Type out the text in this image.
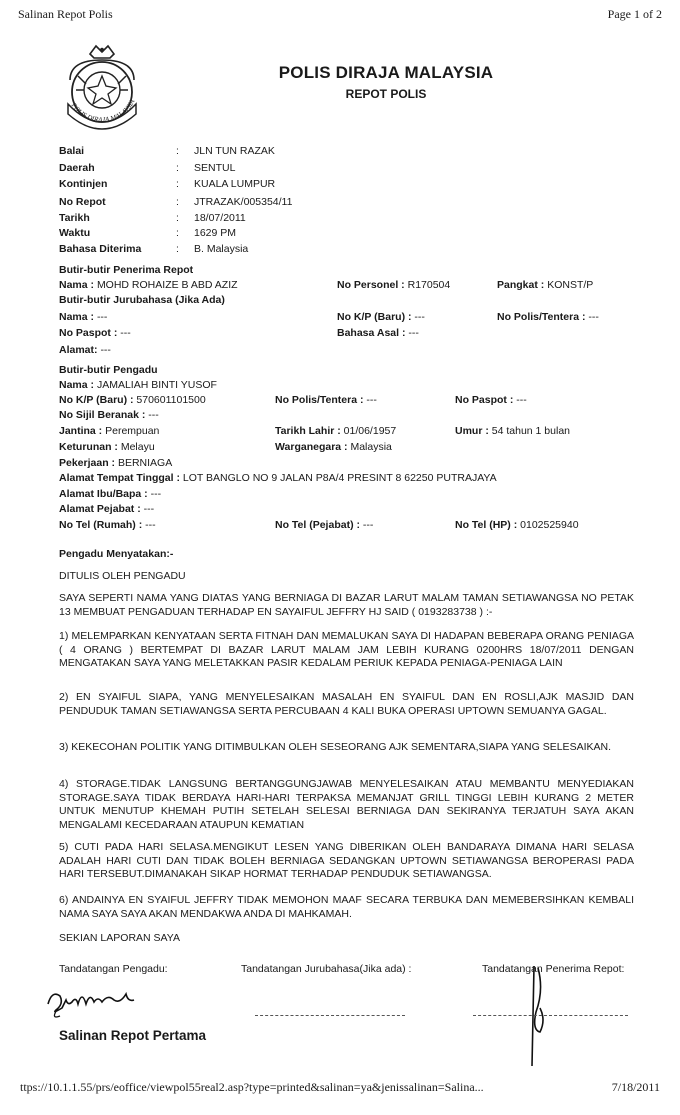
Salinan Repot Polis	Page 1 of 2
POLIS DIRAJA MALAYSIA
POLIS DIRAJA MALAYSIA
REPOT POLIS
Balai	: JLN TUN RAZAK
Daerah	: SENTUL
Kontinjen	: KUALA LUMPUR
No Repot	: JTRAZAK/005354/11
Tarikh	: 18/07/2011
Waktu	: 1629 PM
Bahasa Diterima	: B. Malaysia
Butir-butir Penerima Repot
Nama : MOHD ROHAIZE B ABD AZIZ	No Personel : R170504	Pangkat : KONST/P
Butir-butir Jurubahasa (Jika Ada)
Nama : ---	No K/P (Baru) : ---	No Polis/Tentera : ---
No Paspot : ---	Bahasa Asal : ---
Alamat: ---
Butir-butir Pengadu
Nama : JAMALIAH BINTI YUSOF
No K/P (Baru) : 570601101500	No Polis/Tentera : ---	No Paspot : ---
No Sijil Beranak : ---
Jantina : Perempuan	Tarikh Lahir : 01/06/1957	Umur : 54 tahun 1 bulan
Keturunan : Melayu	Warganegara : Malaysia
Pekerjaan : BERNIAGA
Alamat Tempat Tinggal : LOT BANGLO NO 9 JALAN P8A/4 PRESINT 8 62250 PUTRAJAYA
Alamat Ibu/Bapa : ---
Alamat Pejabat : ---
No Tel (Rumah) : ---	No Tel (Pejabat) : ---	No Tel (HP) : 0102525940
Pengadu Menyatakan:-
DITULIS OLEH PENGADU
SAYA SEPERTI NAMA YANG DIATAS YANG BERNIAGA DI BAZAR LARUT MALAM TAMAN SETIAWANGSA NO PETAK 13 MEMBUAT PENGADUAN TERHADAP EN SAYAIFUL JEFFRY HJ SAID ( 0193283738 ) :-
1) MELEMPARKAN KENYATAAN SERTA FITNAH DAN MEMALUKAN SAYA DI HADAPAN BEBERAPA ORANG PENIAGA ( 4 ORANG ) BERTEMPAT DI BAZAR LARUT MALAM JAM LEBIH KURANG 0200HRS 18/07/2011 DENGAN MENGATAKAN SAYA YANG MELETAKKAN PASIR KEDALAM PERIUK KEPADA PENIAGA-PENIAGA LAIN
2) EN SYAIFUL SIAPA, YANG MENYELESAIKAN MASALAH EN SYAIFUL DAN EN ROSLI,AJK MASJID DAN PENDUDUK TAMAN SETIAWANGSA SERTA PERCUBAAN 4 KALI BUKA OPERASI UPTOWN SEMUANYA GAGAL.
3) KEKECOHAN POLITIK YANG DITIMBULKAN OLEH SESEORANG AJK SEMENTARA,SIAPA YANG SELESAIKAN.
4) STORAGE.TIDAK LANGSUNG BERTANGGUNGJAWAB MENYELESAIKAN ATAU MEMBANTU MENYEDIAKAN STORAGE.SAYA TIDAK BERDAYA HARI-HARI TERPAKSA MEMANJAT GRILL TINGGI LEBIH KURANG 2 METER UNTUK MENUTUP KHEMAH PUTIH SETELAH SELESAI BERNIAGA DAN SEKIRANYA TERJATUH SAYA AKAN MENGALAMI KECEDARAAN ATAUPUN KEMATIAN
5) CUTI PADA HARI SELASA.MENGIKUT LESEN YANG DIBERIKAN OLEH BANDARAYA DIMANA HARI SELASA ADALAH HARI CUTI DAN TIDAK BOLEH BERNIAGA SEDANGKAN UPTOWN SETIAWANGSA BEROPERASI PADA HARI TERSEBUT.DIMANAKAH SIKAP HORMAT TERHADAP PENDUDUK SETIAWANGSA.
6) ANDAINYA EN SYAIFUL JEFFRY TIDAK MEMOHON MAAF SECARA TERBUKA DAN MEMEBERSIHKAN KEMBALI NAMA SAYA SAYA AKAN MENDAKWA ANDA DI MAHKAMAH.
SEKIAN LAPORAN SAYA
Tandatangan Pengadu:	Tandatangan Jurubahasa(Jika ada) :	Tandatangan Penerima Repot:
Salinan Repot Pertama
ttps://10.1.1.55/prs/eoffice/viewpol55real2.asp?type=printed&salinan=ya&jenissalinan=Salina...	7/18/2011
